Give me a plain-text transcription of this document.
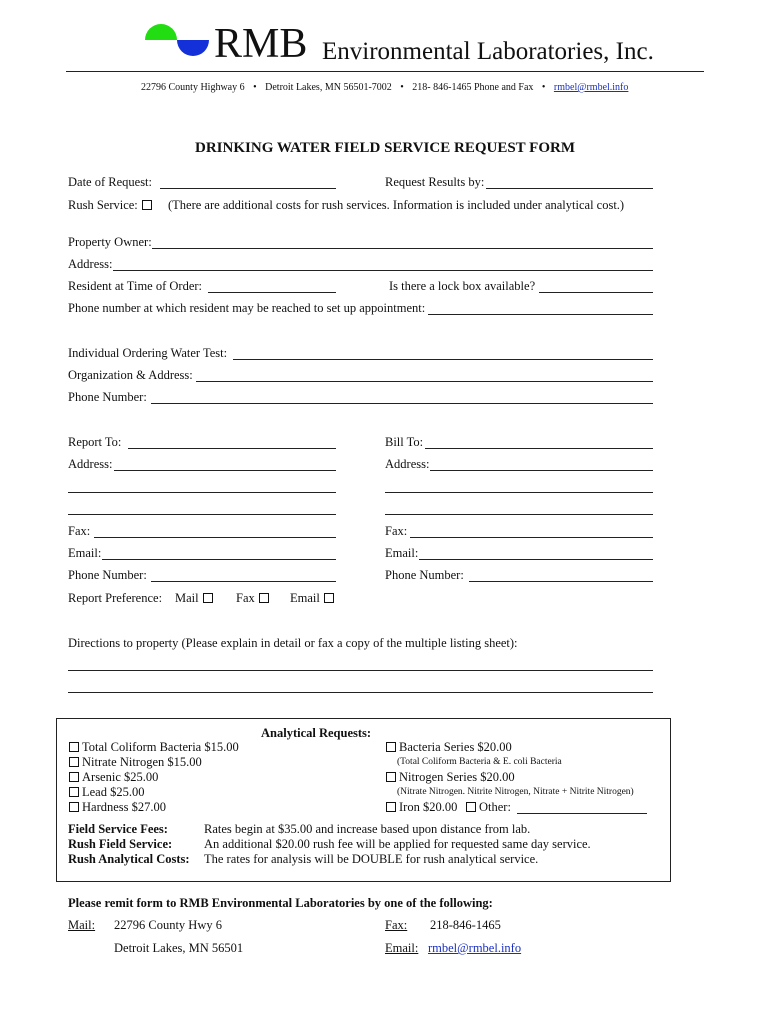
RMB Environmental Laboratories, Inc.
22796 County Highway 6 • Detroit Lakes, MN 56501-7002 • 218- 846-1465 Phone and Fax • rmbel@rmbel.info
DRINKING WATER FIELD SERVICE REQUEST FORM
Date of Request:	Request Results by:
Rush Service:	(There are additional costs for rush services. Information is included under analytical cost.)
Property Owner:
Address:
Resident at Time of Order:	Is there a lock box available?
Phone number at which resident may be reached to set up appointment:
Individual Ordering Water Test:
Organization & Address:
Phone Number:
Report To:	Bill To:
Address:	Address:
Fax:	Fax:
Email:	Email:
Phone Number:	Phone Number:
Report Preference: Mail	Fax	Email
Directions to property (Please explain in detail or fax a copy of the multiple listing sheet):
Analytical Requests:
Total Coliform Bacteria $15.00
Nitrate Nitrogen $15.00
Arsenic $25.00
Lead $25.00
Hardness $27.00
Bacteria Series $20.00
(Total Coliform Bacteria & E. coli Bacteria
Nitrogen Series $20.00
(Nitrate Nitrogen. Nitrite Nitrogen, Nitrate + Nitrite Nitrogen)
Iron $20.00	Other:
Field Service Fees:	Rates begin at $35.00 and increase based upon distance from lab.
Rush Field Service:	An additional $20.00 rush fee will be applied for requested same day service.
Rush Analytical Costs: The rates for analysis will be DOUBLE for rush analytical service.
Please remit form to RMB Environmental Laboratories by one of the following:
Mail: 22796 County Hwy 6
Detroit Lakes, MN 56501
Fax: 218-846-1465
Email: rmbel@rmbel.info
